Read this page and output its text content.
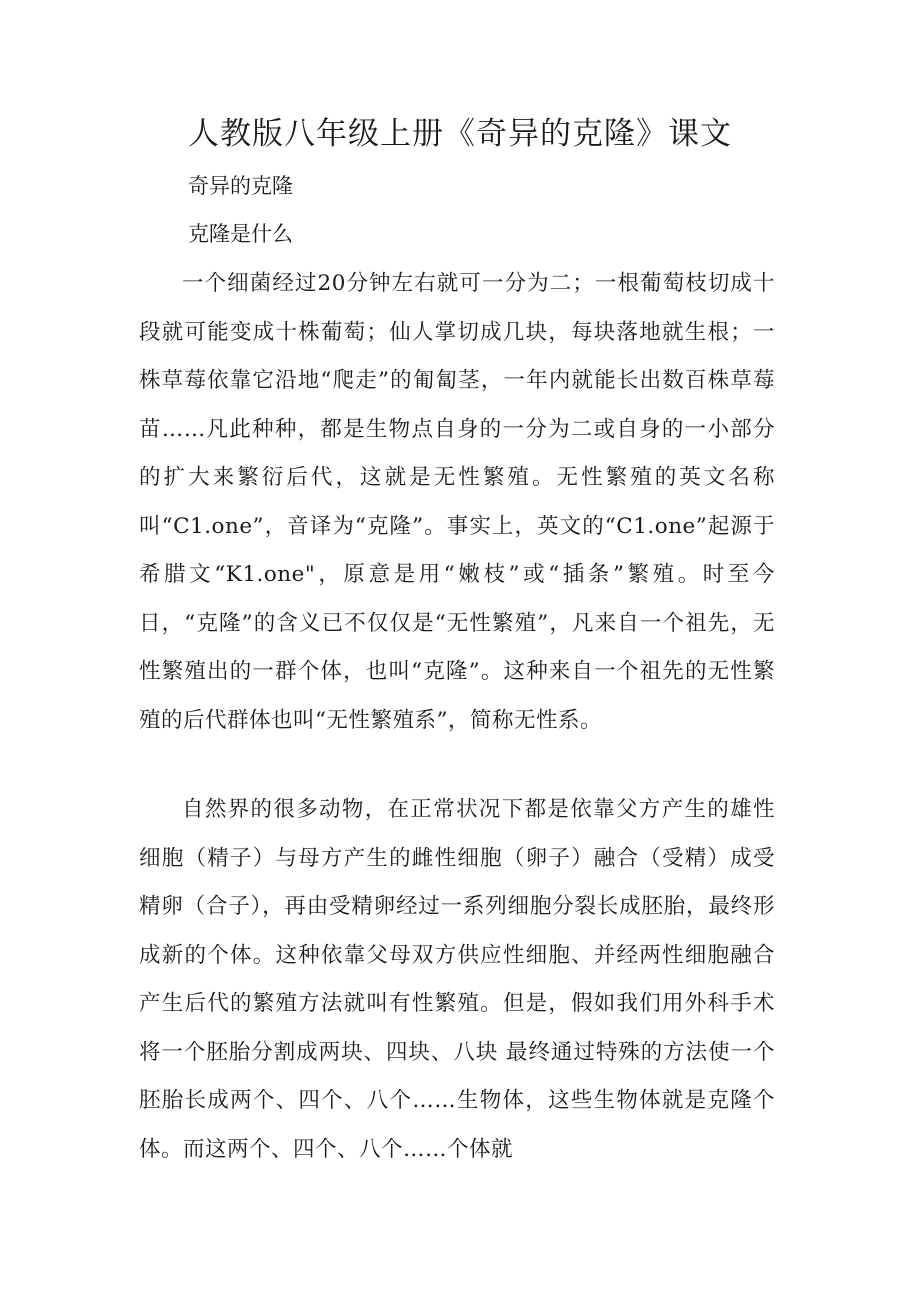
人教版八年级上册《奇异的克隆》课文

奇异的克隆

克隆是什么

一个细菌经过20分钟左右就可一分为二；一根葡萄枝切成十段就可能变成十株葡萄；仙人掌切成几块，每块落地就生根；一株草莓依靠它沿地“爬走”的匍匐茎，一年内就能长出数百株草莓苗……凡此种种，都是生物点自身的一分为二或自身的一小部分的扩大来繁衍后代，这就是无性繁殖。无性繁殖的英文名称叫“C1.one”，音译为“克隆”。事实上，英文的“C1.one”起源于希腊文“K1.one"，原意是用“嫩枝”或“插条”繁殖。时至今日，“克隆”的含义已不仅仅是“无性繁殖”，凡来自一个祖先，无性繁殖出的一群个体，也叫“克隆”。这种来自一个祖先的无性繁殖的后代群体也叫“无性繁殖系”，简称无性系。

自然界的很多动物，在正常状况下都是依靠父方产生的雄性细胞（精子）与母方产生的雌性细胞（卵子）融合（受精）成受精卵（合子），再由受精卵经过一系列细胞分裂长成胚胎，最终形成新的个体。这种依靠父母双方供应性细胞、并经两性细胞融合产生后代的繁殖方法就叫有性繁殖。但是，假如我们用外科手术将一个胚胎分割成两块、四块、八块 最终通过特殊的方法使一个胚胎长成两个、四个、八个……生物体，这些生物体就是克隆个体。而这两个、四个、八个……个体就
